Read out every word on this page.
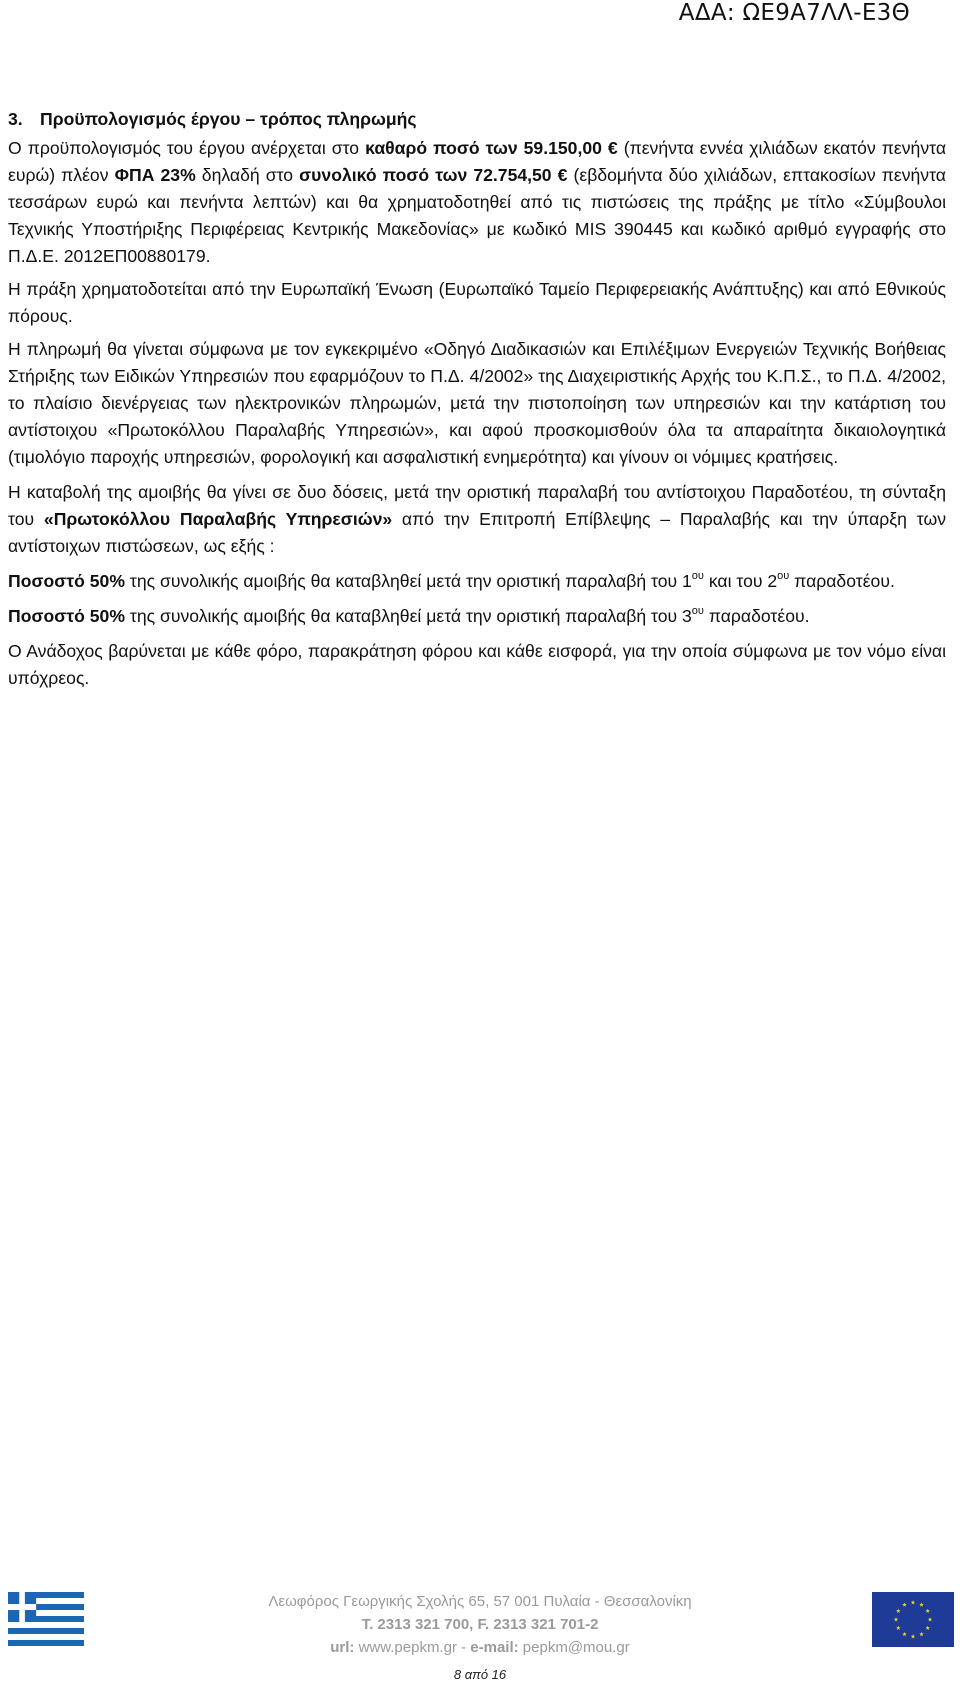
ΑΔΑ: ΩΕ9Α7ΛΛ-Ε3Θ
3. Προϋπολογισμός έργου – τρόπος πληρωμής

Ο προϋπολογισμός του έργου ανέρχεται στο καθαρό ποσό των 59.150,00 € (πενήντα εννέα χιλιάδων εκατόν πενήντα ευρώ) πλέον ΦΠΑ 23% δηλαδή στο συνολικό ποσό των 72.754,50 € (εβδομήντα δύο χιλιάδων, επτακοσίων πενήντα τεσσάρων ευρώ και πενήντα λεπτών) και θα χρηματοδοτηθεί από τις πιστώσεις της πράξης με τίτλο «Σύμβουλοι Τεχνικής Υποστήριξης Περιφέρειας Κεντρικής Μακεδονίας» με κωδικό MIS 390445 και κωδικό αριθμό εγγραφής στο Π.Δ.Ε. 2012ΕΠ00880179.

Η πράξη χρηματοδοτείται από την Ευρωπαϊκή Ένωση (Ευρωπαϊκό Ταμείο Περιφερειακής Ανάπτυξης) και από Εθνικούς πόρους.

Η πληρωμή θα γίνεται σύμφωνα με τον εγκεκριμένο «Οδηγό Διαδικασιών και Επιλέξιμων Ενεργειών Τεχνικής Βοήθειας Στήριξης των Ειδικών Υπηρεσιών που εφαρμόζουν το Π.Δ. 4/2002» της Διαχειριστικής Αρχής του Κ.Π.Σ., το Π.Δ. 4/2002, το πλαίσιο διενέργειας των ηλεκτρονικών πληρωμών, μετά την πιστοποίηση των υπηρεσιών και την κατάρτιση του αντίστοιχου «Πρωτοκόλλου Παραλαβής Υπηρεσιών», και αφού προσκομισθούν όλα τα απαραίτητα δικαιολογητικά (τιμολόγιο παροχής υπηρεσιών, φορολογική και ασφαλιστική ενημερότητα) και γίνουν οι νόμιμες κρατήσεις.

Η καταβολή της αμοιβής θα γίνει σε δυο δόσεις, μετά την οριστική παραλαβή του αντίστοιχου Παραδοτέου, τη σύνταξη του «Πρωτοκόλλου Παραλαβής Υπηρεσιών» από την Επιτροπή Επίβλεψης – Παραλαβής και την ύπαρξη των αντίστοιχων πιστώσεων, ως εξής :

Ποσοστό 50% της συνολικής αμοιβής θα καταβληθεί μετά την οριστική παραλαβή του $1^{o\upsilon}$ και του $2^{o\upsilon}$ παραδοτέου.

Ποσοστό 50% της συνολικής αμοιβής θα καταβληθεί μετά την οριστική παραλαβή του $3^{o\upsilon}$ παραδοτέου.

Ο Ανάδοχος βαρύνεται με κάθε φόρο, παρακράτηση φόρου και κάθε εισφορά, για την οποία σύμφωνα με τον νόμο είναι υπόχρεος.

Λεωφόρος Γεωργικής Σχολής 65, 57 001 Πυλαία - Θεσσαλονίκη
Τ. 2313 321 700, F. 2313 321 701-2
url: www.pepkm.gr - e-mail: pepkm@mou.gr
8 από 16
